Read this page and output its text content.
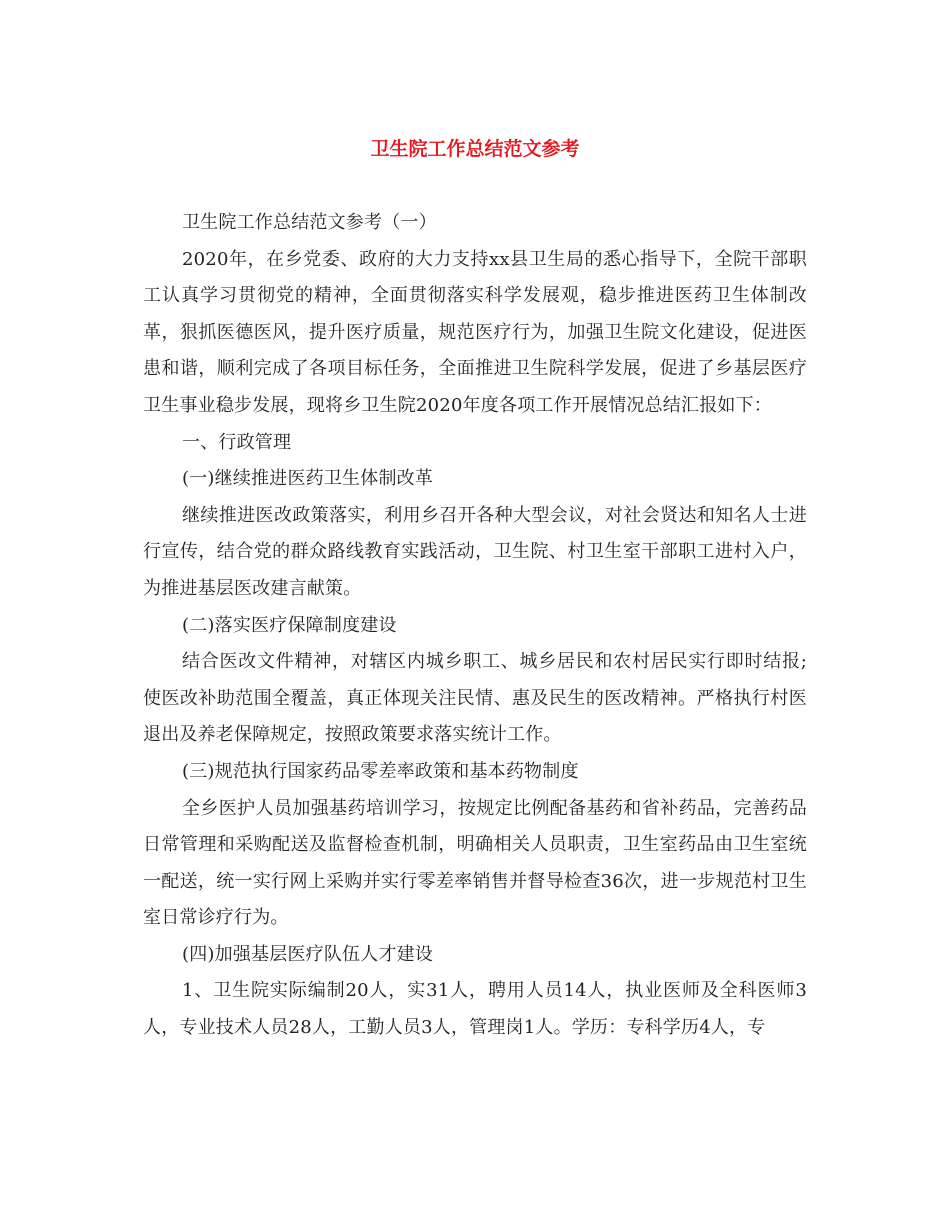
卫生院工作总结范文参考

卫生院工作总结范文参考（一）

2020年，在乡党委、政府的大力支持xx县卫生局的悉心指导下，全院干部职工认真学习贯彻党的精神，全面贯彻落实科学发展观，稳步推进医药卫生体制改革，狠抓医德医风，提升医疗质量，规范医疗行为，加强卫生院文化建设，促进医患和谐，顺利完成了各项目标任务，全面推进卫生院科学发展，促进了乡基层医疗卫生事业稳步发展，现将乡卫生院2020年度各项工作开展情况总结汇报如下：

一、行政管理

(一)继续推进医药卫生体制改革

继续推进医改政策落实，利用乡召开各种大型会议，对社会贤达和知名人士进行宣传，结合党的群众路线教育实践活动，卫生院、村卫生室干部职工进村入户，为推进基层医改建言献策。

(二)落实医疗保障制度建设

结合医改文件精神，对辖区内城乡职工、城乡居民和农村居民实行即时结报;使医改补助范围全覆盖，真正体现关注民情、惠及民生的医改精神。严格执行村医退出及养老保障规定，按照政策要求落实统计工作。

(三)规范执行国家药品零差率政策和基本药物制度

全乡医护人员加强基药培训学习，按规定比例配备基药和省补药品，完善药品日常管理和采购配送及监督检查机制，明确相关人员职责，卫生室药品由卫生室统一配送，统一实行网上采购并实行零差率销售并督导检查36次，进一步规范村卫生室日常诊疗行为。

(四)加强基层医疗队伍人才建设

1、卫生院实际编制20人，实31人，聘用人员14人，执业医师及全科医师3人，专业技术人员28人，工勤人员3人，管理岗1人。学历：专科学历4人，专
